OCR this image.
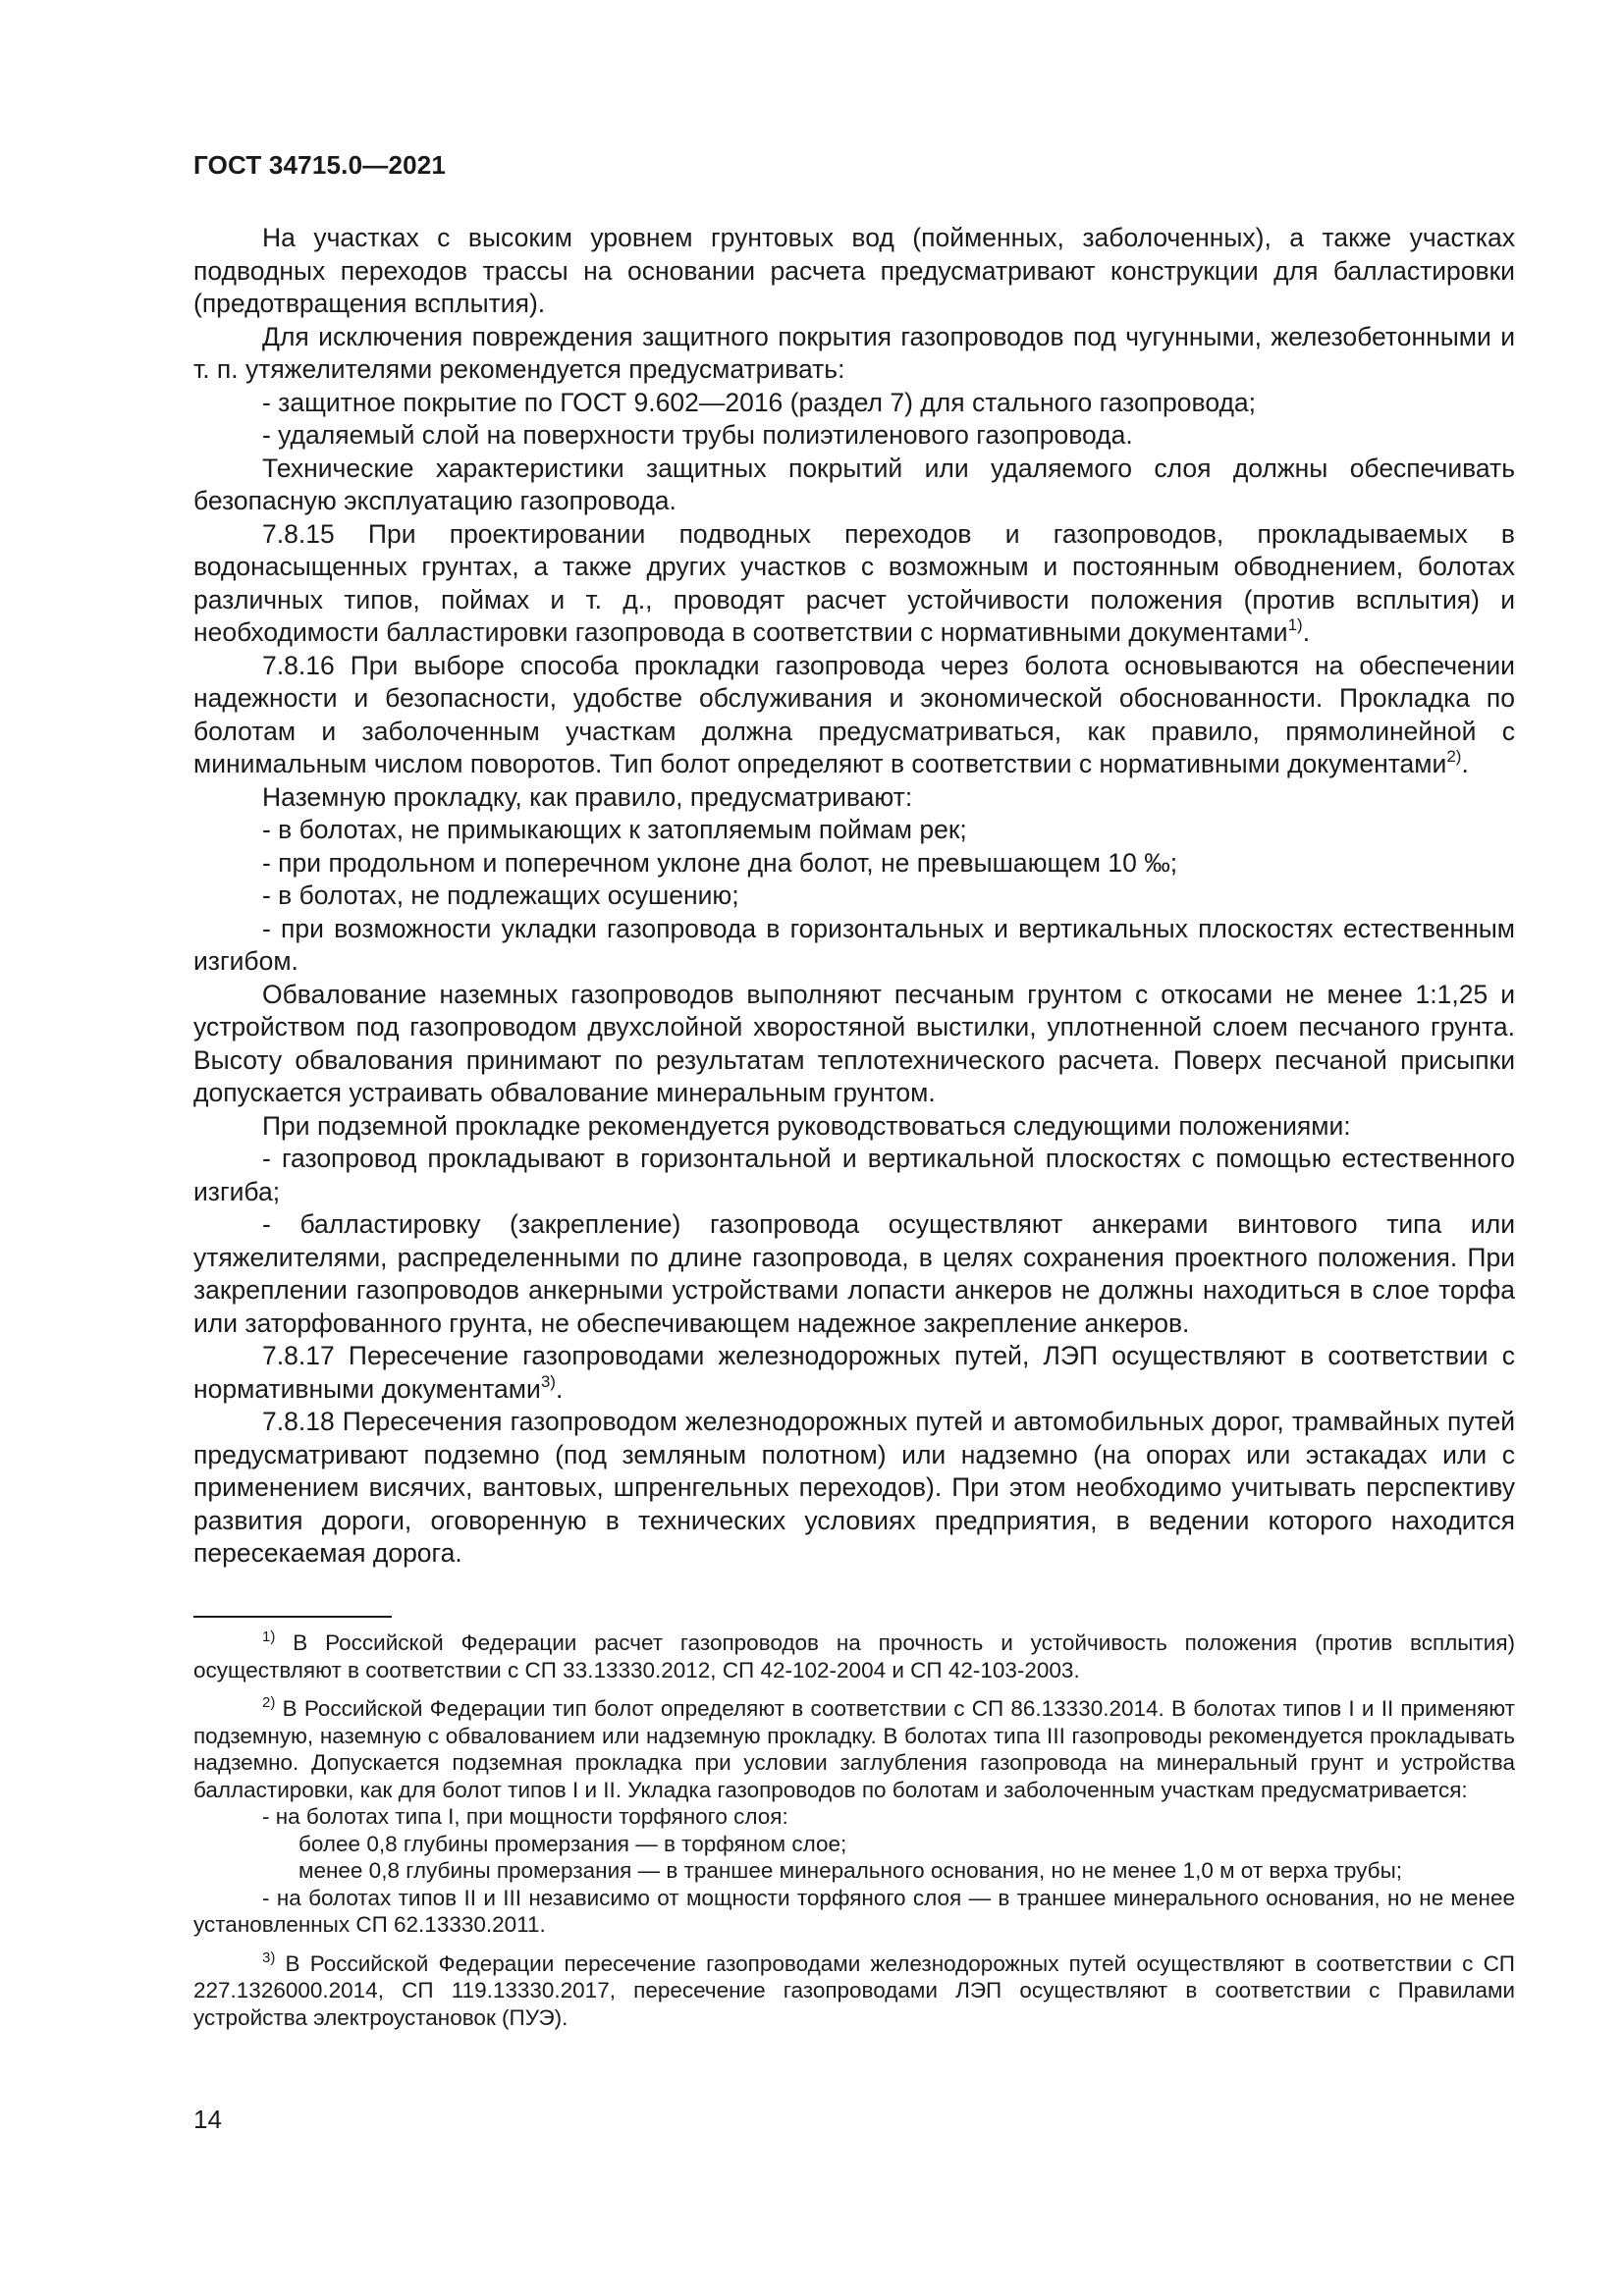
ГОСТ 34715.0—2021

На участках с высоким уровнем грунтовых вод (пойменных, заболоченных), а также участках подводных переходов трассы на основании расчета предусматривают конструкции для балластировки (предотвращения всплытия).

Для исключения повреждения защитного покрытия газопроводов под чугунными, железобетонными и т. п. утяжелителями рекомендуется предусматривать:

- защитное покрытие по ГОСТ 9.602—2016 (раздел 7) для стального газопровода;

- удаляемый слой на поверхности трубы полиэтиленового газопровода.

Технические характеристики защитных покрытий или удаляемого слоя должны обеспечивать безопасную эксплуатацию газопровода.

7.8.15 При проектировании подводных переходов и газопроводов, прокладываемых в водонасыщенных грунтах, а также других участков с возможным и постоянным обводнением, болотах различных типов, поймах и т. д., проводят расчет устойчивости положения (против всплытия) и необходимости балластировки газопровода в соответствии с нормативными документами$^{1)}$.

7.8.16 При выборе способа прокладки газопровода через болота основываются на обеспечении надежности и безопасности, удобстве обслуживания и экономической обоснованности. Прокладка по болотам и заболоченным участкам должна предусматриваться, как правило, прямолинейной с минимальным числом поворотов. Тип болот определяют в соответствии с нормативными документами$^{2)}$.

Наземную прокладку, как правило, предусматривают:

- в болотах, не примыкающих к затопляемым поймам рек;

- при продольном и поперечном уклоне дна болот, не превышающем 10 ‰;

- в болотах, не подлежащих осушению;

- при возможности укладки газопровода в горизонтальных и вертикальных плоскостях естественным изгибом.

Обвалование наземных газопроводов выполняют песчаным грунтом с откосами не менее 1:1,25 и устройством под газопроводом двухслойной хворостяной выстилки, уплотненной слоем песчаного грунта. Высоту обвалования принимают по результатам теплотехнического расчета. Поверх песчаной присыпки допускается устраивать обвалование минеральным грунтом.

При подземной прокладке рекомендуется руководствоваться следующими положениями:

- газопровод прокладывают в горизонтальной и вертикальной плоскостях с помощью естественного изгиба;

- балластировку (закрепление) газопровода осуществляют анкерами винтового типа или утяжелителями, распределенными по длине газопровода, в целях сохранения проектного положения. При закреплении газопроводов анкерными устройствами лопасти анкеров не должны находиться в слое торфа или заторфованного грунта, не обеспечивающем надежное закрепление анкеров.

7.8.17 Пересечение газопроводами железнодорожных путей, ЛЭП осуществляют в соответствии с нормативными документами$^{3)}$.

7.8.18 Пересечения газопроводом железнодорожных путей и автомобильных дорог, трамвайных путей предусматривают подземно (под земляным полотном) или надземно (на опорах или эстакадах или с применением висячих, вантовых, шпренгельных переходов). При этом необходимо учитывать перспективу развития дороги, оговоренную в технических условиях предприятия, в ведении которого находится пересекаемая дорога.

$^{1)}$ В Российской Федерации расчет газопроводов на прочность и устойчивость положения (против всплытия) осуществляют в соответствии с СП 33.13330.2012, СП 42-102-2004 и СП 42-103-2003.

$^{2)}$ В Российской Федерации тип болот определяют в соответствии с СП 86.13330.2014. В болотах типов I и II применяют подземную, наземную с обвалованием или надземную прокладку. В болотах типа III газопроводы рекомендуется прокладывать надземно. Допускается подземная прокладка при условии заглубления газопровода на минеральный грунт и устройства балластировки, как для болот типов I и II. Укладка газопроводов по болотам и заболоченным участкам предусматривается:

- на болотах типа I, при мощности торфяного слоя:

более 0,8 глубины промерзания — в торфяном слое;

менее 0,8 глубины промерзания — в траншее минерального основания, но не менее 1,0 м от верха трубы;

- на болотах типов II и III независимо от мощности торфяного слоя — в траншее минерального основания, но не менее установленных СП 62.13330.2011.

$^{3)}$ В Российской Федерации пересечение газопроводами железнодорожных путей осуществляют в соответствии с СП 227.1326000.2014, СП 119.13330.2017, пересечение газопроводами ЛЭП осуществляют в соответствии с Правилами устройства электроустановок (ПУЭ).

14
